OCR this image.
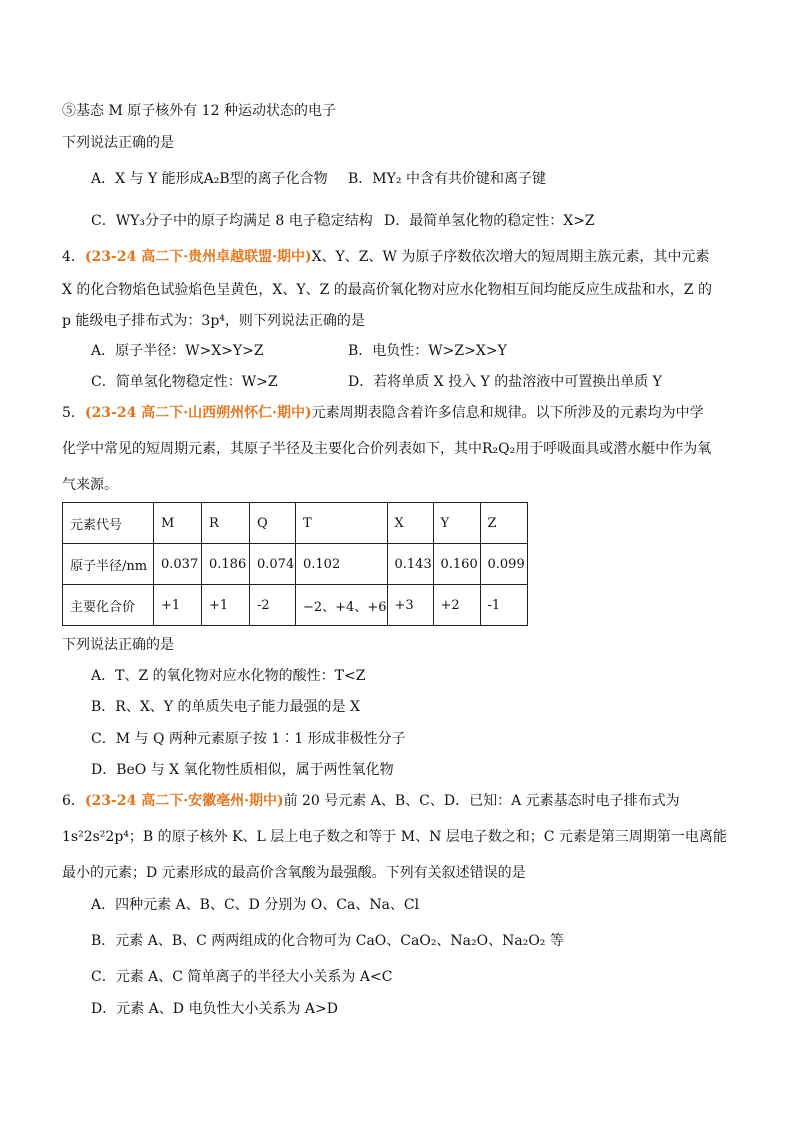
⑤基态 M 原子核外有 12 种运动状态的电子
下列说法正确的是
A．X 与 Y 能形成A₂B型的离子化合物 B．MY₂ 中含有共价键和离子键
C．WY₃分子中的原子均满足 8 电子稳定结构 D．最简单氢化物的稳定性：X>Z
4．(23-24 高二下·贵州卓越联盟·期中)X、Y、Z、W 为原子序数依次增大的短周期主族元素，其中元素
X 的化合物焰色试验焰色呈黄色，X、Y、Z 的最高价氧化物对应水化物相互间均能反应生成盐和水，Z 的
p 能级电子排布式为：3p⁴，则下列说法正确的是
A．原子半径：W>X>Y>Z	B．电负性：W>Z>X>Y
C．简单氢化物稳定性：W>Z	D．若将单质 X 投入 Y 的盐溶液中可置换出单质 Y
5．(23-24 高二下·山西朔州怀仁·期中)元素周期表隐含着许多信息和规律。以下所涉及的元素均为中学
化学中常见的短周期元素，其原子半径及主要化合价列表如下，其中R₂Q₂用于呼吸面具或潜水艇中作为氧
气来源。
元素代号	M	R	Q	T	X	Y	Z
原子半径/nm	0.037	0.186	0.074	0.102	0.143	0.160	0.099
主要化合价	+1	+1	-2	−2、+4、+6	+3	+2	-1
下列说法正确的是
A．T、Z 的氧化物对应水化物的酸性：T<Z
B．R、X、Y 的单质失电子能力最强的是 X
C．M 与 Q 两种元素原子按 1∶1 形成非极性分子
D．BeO 与 X 氧化物性质相似，属于两性氧化物
6．(23-24 高二下·安徽亳州·期中)前 20 号元素 A、B、C、D．已知：A 元素基态时电子排布式为
1s²2s²2p⁴；B 的原子核外 K、L 层上电子数之和等于 M、N 层电子数之和；C 元素是第三周期第一电离能
最小的元素；D 元素形成的最高价含氧酸为最强酸。下列有关叙述错误的是
A．四种元素 A、B、C、D 分别为 O、Ca、Na、Cl
B．元素 A、B、C 两两组成的化合物可为 CaO、CaO₂、Na₂O、Na₂O₂ 等
C．元素 A、C 简单离子的半径大小关系为 A<C
D．元素 A、D 电负性大小关系为 A>D
